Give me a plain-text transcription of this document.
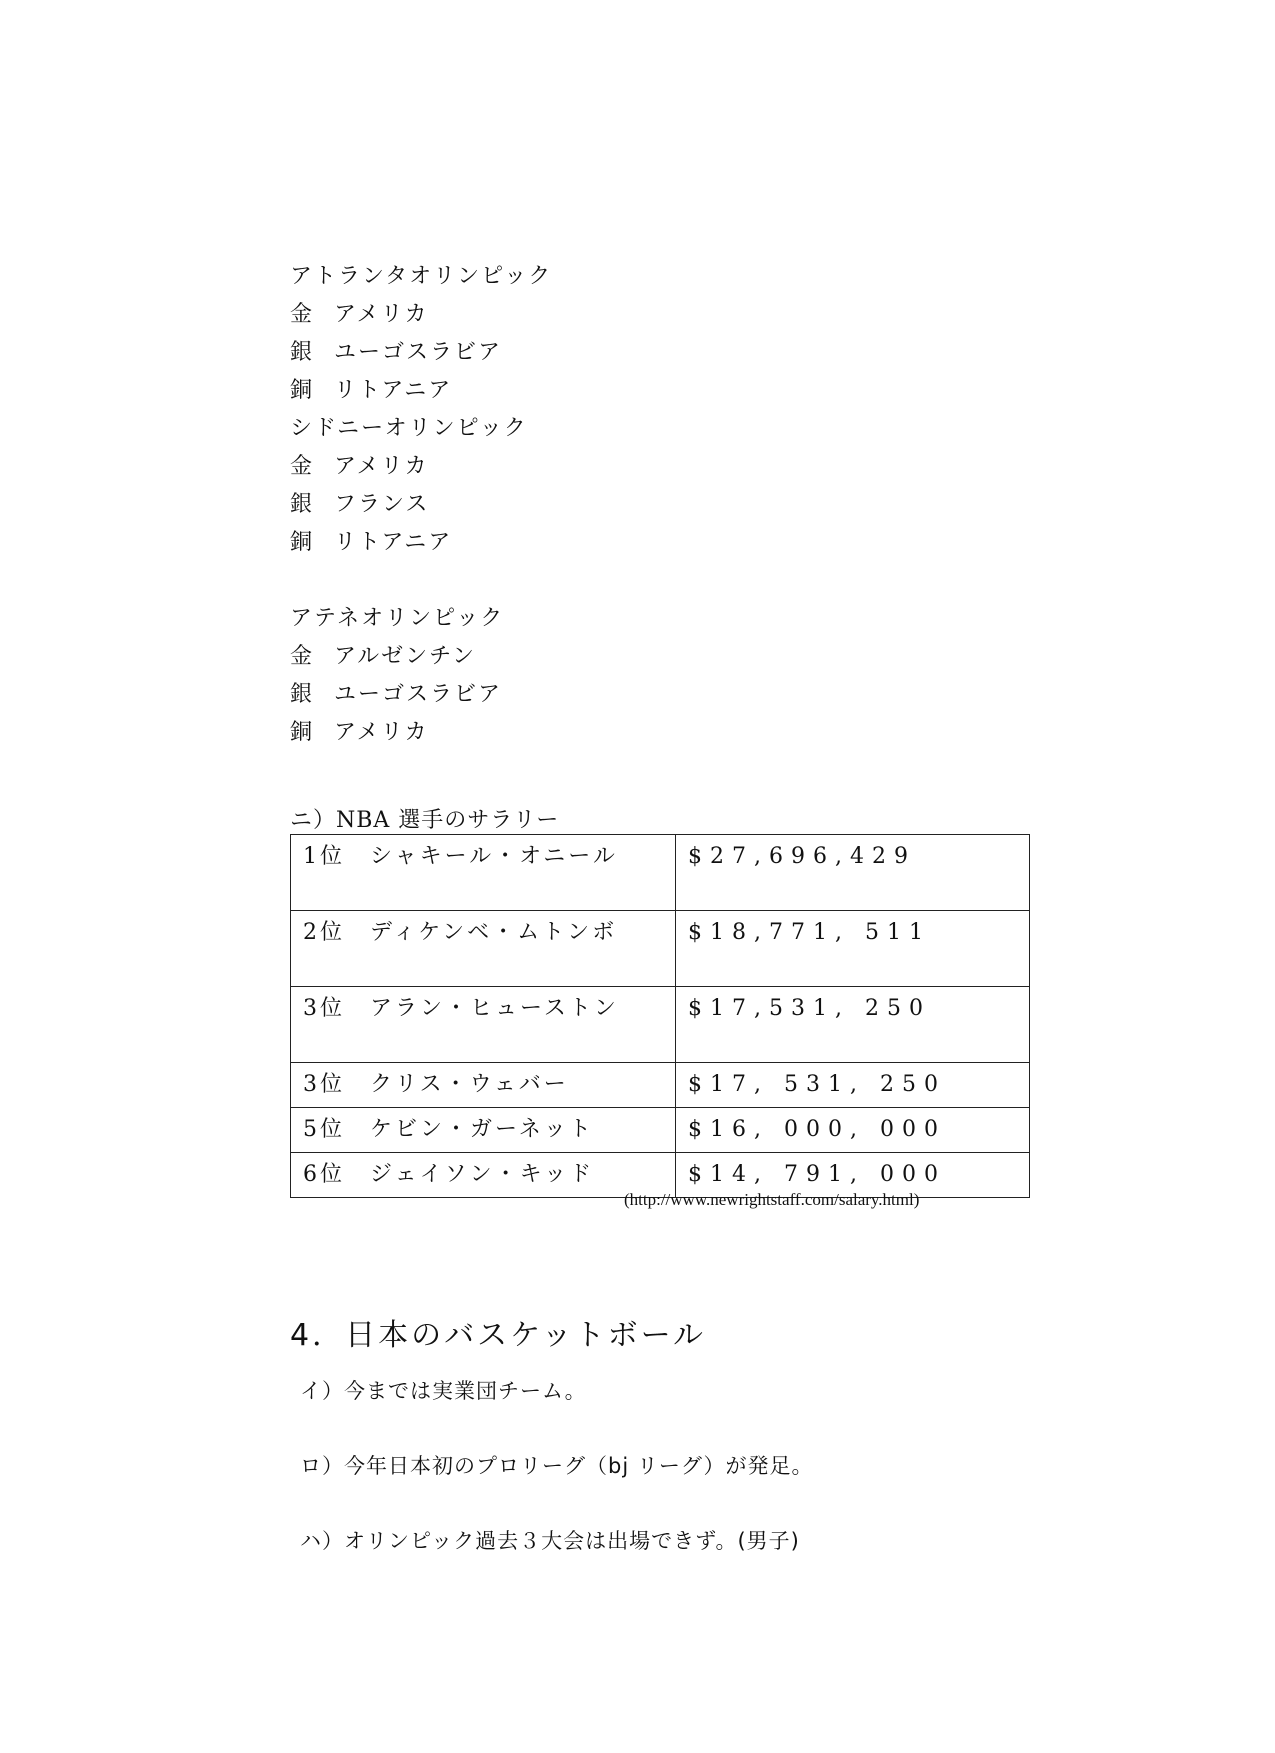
アトランタオリンピック
金 アメリカ
銀 ユーゴスラビア
銅 リトアニア
シドニーオリンピック
金 アメリカ
銀 フランス
銅 リトアニア
アテネオリンピック
金 アルゼンチン
銀 ユーゴスラビア
銅 アメリカ
ニ）NBA 選手のサラリー
1位　 シャキール・オニール	$27,696,429
2位　 ディケンベ・ムトンボ	$18,771, 511
3位　 アラン・ヒューストン	$17,531, 250
3位　 クリス・ウェバー	$17, 531, 250
5位　 ケビン・ガーネット	$16, 000, 000
6位　 ジェイソン・キッド	$14, 791, 000
(http://www.newrightstaff.com/salary.html)
4．日本のバスケットボール
イ）今までは実業団チーム。
ロ）今年日本初のプロリーグ（bj リーグ）が発足。
ハ）オリンピック過去３大会は出場できず。(男子)
